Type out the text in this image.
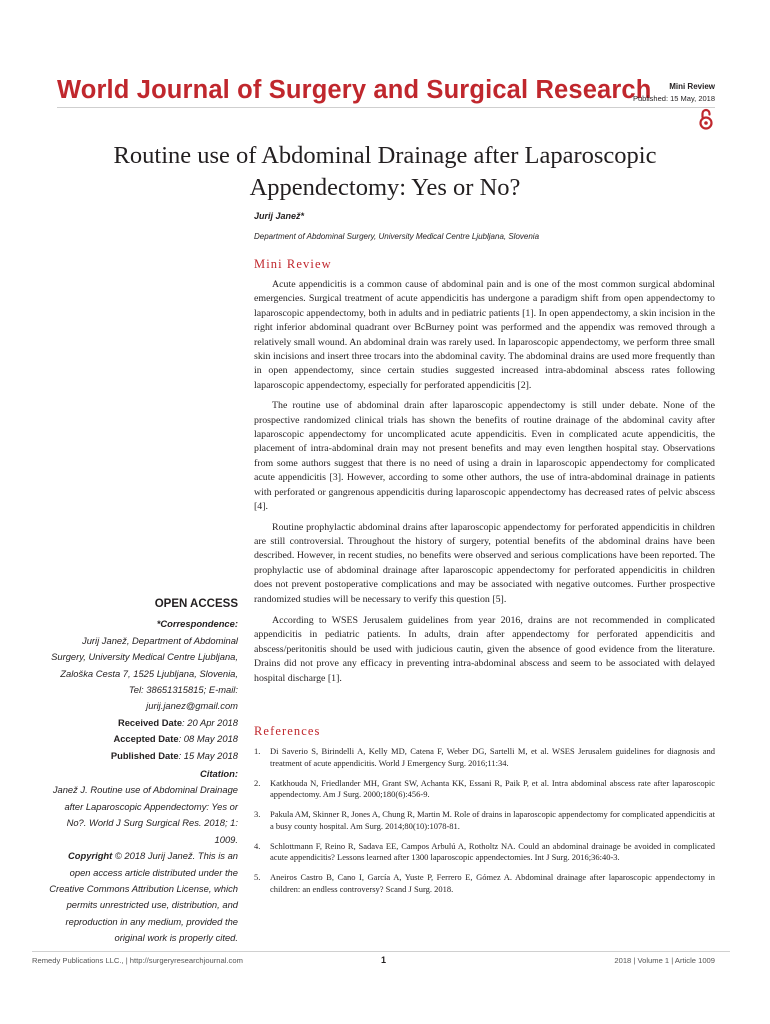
World Journal of Surgery and Surgical Research	Mini Review
Published: 15 May, 2018
Routine use of Abdominal Drainage after Laparoscopic Appendectomy: Yes or No?
Jurij Janež*
Department of Abdominal Surgery, University Medical Centre Ljubljana, Slovenia
Mini Review

Acute appendicitis is a common cause of abdominal pain and is one of the most common surgical abdominal emergencies. Surgical treatment of acute appendicitis has undergone a paradigm shift from open appendectomy to laparoscopic appendectomy, both in adults and in pediatric patients [1]. In open appendectomy, a skin incision in the right inferior abdominal quadrant over BcBurney point was performed and the appendix was removed through a relatively small wound. An abdominal drain was rarely used. In laparoscopic appendectomy, we perform three small skin incisions and insert three trocars into the abdominal cavity. The abdominal drains are used more frequently than in open appendectomy, since certain studies suggested increased intra-abdominal abscess rates following laparoscopic appendectomy, especially for perforated appendicitis [2].

The routine use of abdominal drain after laparoscopic appendectomy is still under debate. None of the prospective randomized clinical trials has shown the benefits of routine drainage of the abdominal cavity after laparoscopic appendectomy for uncomplicated acute appendicitis. Even in complicated acute appendicitis, the placement of intra-abdominal drain may not present benefits and may even lengthen hospital stay. Observations from some authors suggest that there is no need of using a drain in laparoscopic appendectomy for complicated acute appendicitis [3]. However, according to some other authors, the use of intra-abdominal drainage in patients with perforated or gangrenous appendicitis during laparoscopic appendectomy has decreased rates of pelvic abscess [4].

Routine prophylactic abdominal drains after laparoscopic appendectomy for perforated appendicitis in children are still controversial. Throughout the history of surgery, potential benefits of the abdominal drains have been described. However, in recent studies, no benefits were observed and serious complications have been reported. The prophylactic use of abdominal drainage after laparoscopic appendectomy for perforated appendicitis in children does not prevent postoperative complications and may be associated with negative outcomes. Further prospective randomized studies will be necessary to verify this question [5].

According to WSES Jerusalem guidelines from year 2016, drains are not recommended in complicated appendicitis in pediatric patients. In adults, drain after appendectomy for perforated appendicitis and abscess/peritonitis should be used with judicious cautin, given the absence of good evidence from the literature. Drains did not prove any efficacy in preventing intra-abdominal abscess and seem to be associated with delayed hospital discharge [1].

References
1. Di Saverio S, Birindelli A, Kelly MD, Catena F, Weber DG, Sartelli M, et al. WSES Jerusalem guidelines for diagnosis and treatment of acute appendicitis. World J Emergency Surg. 2016;11:34.
2. Katkhouda N, Friedlander MH, Grant SW, Achanta KK, Essani R, Paik P, et al. Intra abdominal abscess rate after laparoscopic appendectomy. Am J Surg. 2000;180(6):456-9.
3. Pakula AM, Skinner R, Jones A, Chung R, Martin M. Role of drains in laparoscopic appendectomy for complicated appendicitis at a busy county hospital. Am Surg. 2014;80(10):1078-81.
4. Schlottmann F, Reino R, Sadava EE, Campos Arbulú A, Rotholtz NA. Could an abdominal drainage be avoided in complicated acute appendicitis? Lessons learned after 1300 laparoscopic appendectomies. Int J Surg. 2016;36:40-3.
5. Aneiros Castro B, Cano I, García A, Yuste P, Ferrero E, Gómez A. Abdominal drainage after laparoscopic appendectomy in children: an endless controversy? Scand J Surg. 2018.

OPEN ACCESS

*Correspondence:

Jurij Janež, Department of Abdominal Surgery, University Medical Centre Ljubljana, Zaloška Cesta 7, 1525 Ljubljana, Slovenia, Tel: 38651315815; E-mail: jurij.janez@gmail.com

Received Date: 20 Apr 2018

Accepted Date: 08 May 2018

Published Date: 15 May 2018

Citation:

Janež J. Routine use of Abdominal Drainage after Laparoscopic Appendectomy: Yes or No?. World J Surg Surgical Res. 2018; 1: 1009.

Copyright © 2018 Jurij Janež. This is an open access article distributed under the Creative Commons Attribution License, which permits unrestricted use, distribution, and reproduction in any medium, provided the original work is properly cited.

Remedy Publications LLC., | http://surgeryresearchjournal.com	1	2018 | Volume 1 | Article 1009
